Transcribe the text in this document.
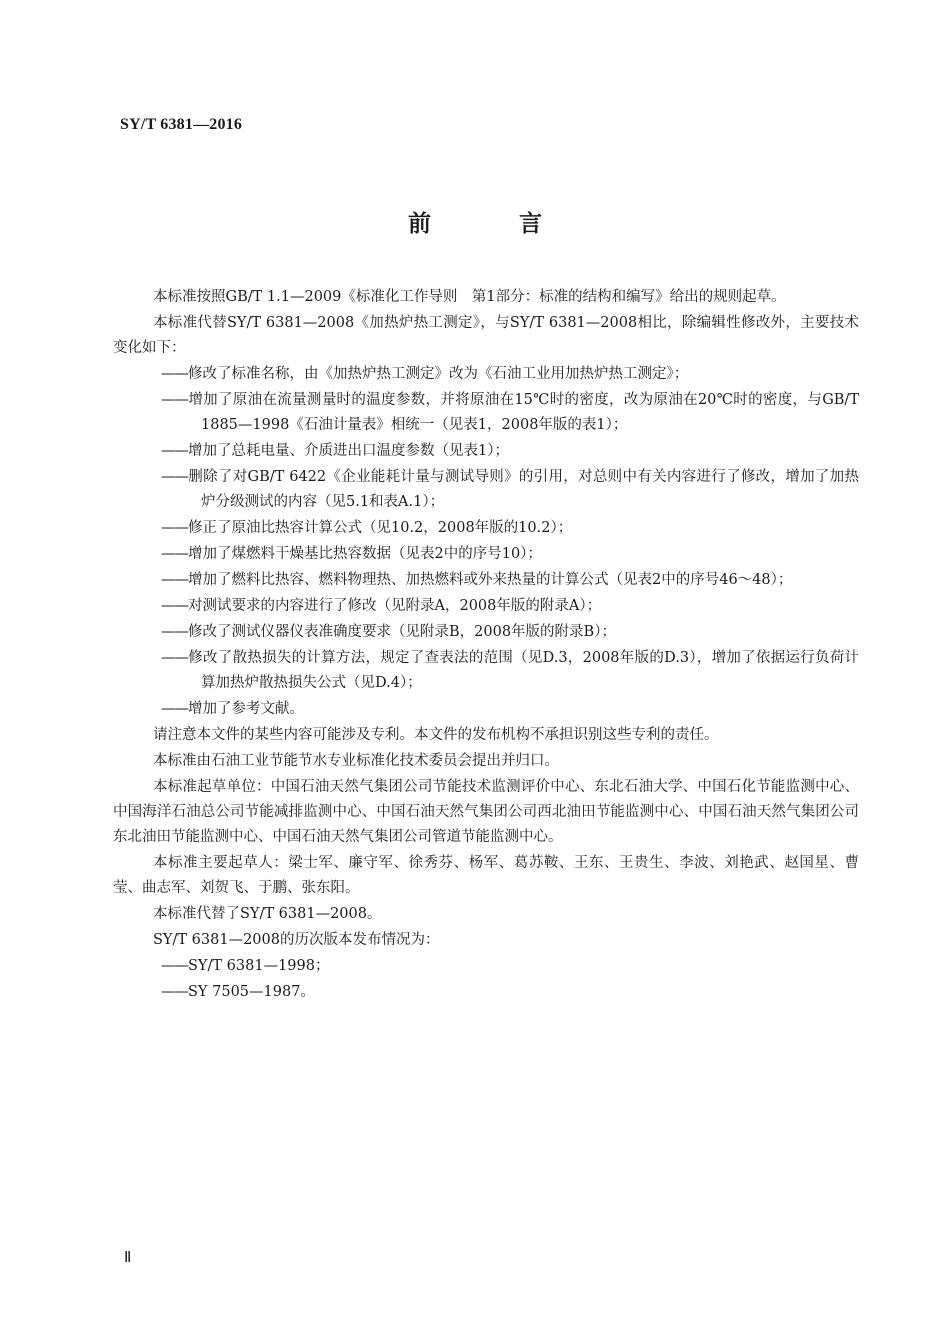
SY/T 6381—2016
前 言

本标准按照GB/T 1.1—2009《标准化工作导则　第1部分：标准的结构和编写》给出的规则起草。

本标准代替SY/T 6381—2008《加热炉热工测定》，与SY/T 6381—2008相比，除编辑性修改外，主要技术变化如下：

——修改了标准名称，由《加热炉热工测定》改为《石油工业用加热炉热工测定》；

——增加了原油在流量测量时的温度参数，并将原油在15℃时的密度，改为原油在20℃时的密度，与GB/T 1885—1998《石油计量表》相统一（见表1，2008年版的表1）；

——增加了总耗电量、介质进出口温度参数（见表1）；

——删除了对GB/T 6422《企业能耗计量与测试导则》的引用，对总则中有关内容进行了修改，增加了加热炉分级测试的内容（见5.1和表A.1）；

——修正了原油比热容计算公式（见10.2，2008年版的10.2）；

——增加了煤燃料干燥基比热容数据（见表2中的序号10）；

——增加了燃料比热容、燃料物理热、加热燃料或外来热量的计算公式（见表2中的序号46～48）；

——对测试要求的内容进行了修改（见附录A，2008年版的附录A）；

——修改了测试仪器仪表准确度要求（见附录B，2008年版的附录B）；

——修改了散热损失的计算方法，规定了查表法的范围（见D.3，2008年版的D.3），增加了依据运行负荷计算加热炉散热损失公式（见D.4）；

——增加了参考文献。

请注意本文件的某些内容可能涉及专利。本文件的发布机构不承担识别这些专利的责任。

本标准由石油工业节能节水专业标准化技术委员会提出并归口。

本标准起草单位：中国石油天然气集团公司节能技术监测评价中心、东北石油大学、中国石化节能监测中心、中国海洋石油总公司节能减排监测中心、中国石油天然气集团公司西北油田节能监测中心、中国石油天然气集团公司东北油田节能监测中心、中国石油天然气集团公司管道节能监测中心。

本标准主要起草人：梁士军、廉守军、徐秀芬、杨军、葛苏鞍、王东、王贵生、李波、刘艳武、赵国星、曹莹、曲志军、刘贺飞、于鹏、张东阳。

本标准代替了SY/T 6381—2008。

SY/T 6381—2008的历次版本发布情况为：

——SY/T 6381—1998；

——SY 7505—1987。

Ⅱ
